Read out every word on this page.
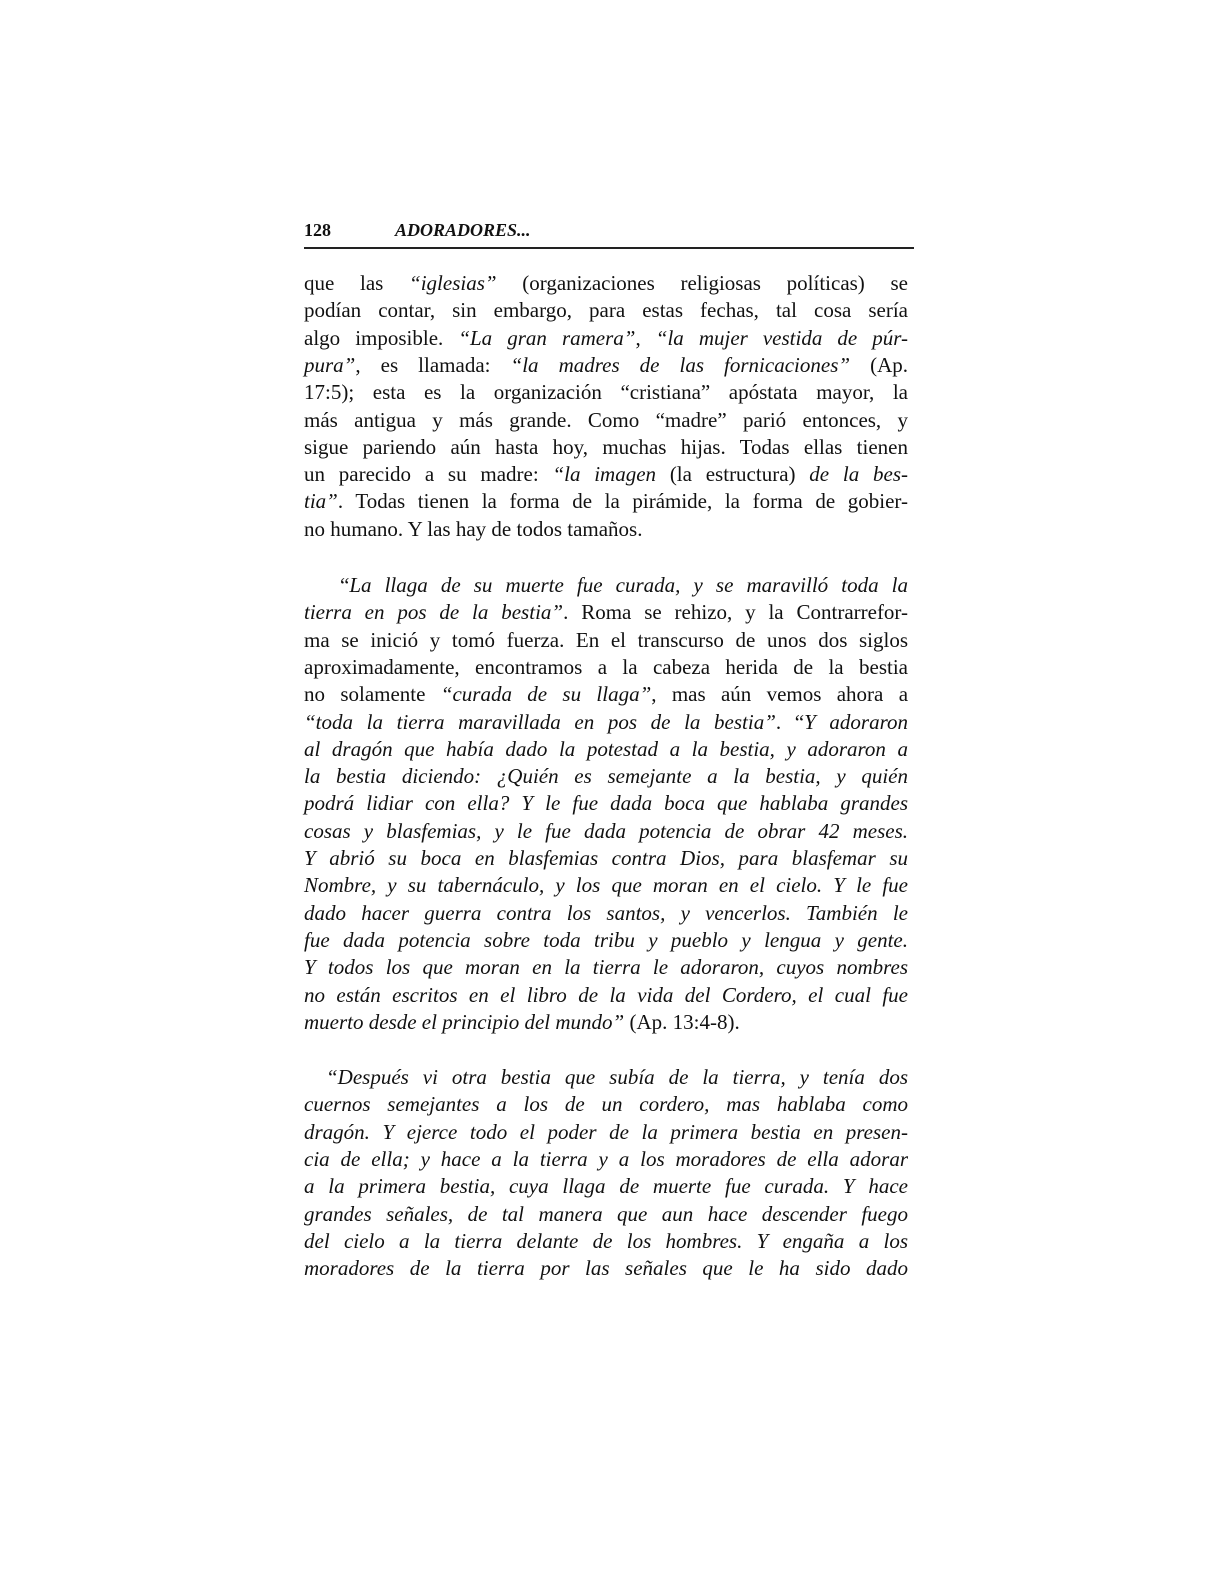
128	ADORADORES...
que las “iglesias” (organizaciones religiosas políticas) se
podían contar, sin embargo, para estas fechas, tal cosa sería
algo imposible. “La gran ramera”, “la mujer vestida de púr-
pura”, es llamada: “la madres de las fornicaciones” (Ap.
17:5); esta es la organización “cristiana” apóstata mayor, la
más antigua y más grande. Como “madre” parió entonces, y
sigue pariendo aún hasta hoy, muchas hijas. Todas ellas tienen
un parecido a su madre: “la imagen (la estructura) de la bes-
tia”. Todas tienen la forma de la pirámide, la forma de gobier-
no humano. Y las hay de todos tamaños.
“La llaga de su muerte fue curada, y se maravilló toda la
tierra en pos de la bestia”. Roma se rehizo, y la Contrarrefor-
ma se inició y tomó fuerza. En el transcurso de unos dos siglos
aproximadamente, encontramos a la cabeza herida de la bestia
no solamente “curada de su llaga”, mas aún vemos ahora a
“toda la tierra maravillada en pos de la bestia”. “Y adoraron
al dragón que había dado la potestad a la bestia, y adoraron a
la bestia diciendo: ¿Quién es semejante a la bestia, y quién
podrá lidiar con ella? Y le fue dada boca que hablaba grandes
cosas y blasfemias, y le fue dada potencia de obrar 42 meses.
Y abrió su boca en blasfemias contra Dios, para blasfemar su
Nombre, y su tabernáculo, y los que moran en el cielo. Y le fue
dado hacer guerra contra los santos, y vencerlos. También le
fue dada potencia sobre toda tribu y pueblo y lengua y gente.
Y todos los que moran en la tierra le adoraron, cuyos nombres
no están escritos en el libro de la vida del Cordero, el cual fue
muerto desde el principio del mundo” (Ap. 13:4-8).
“Después vi otra bestia que subía de la tierra, y tenía dos
cuernos semejantes a los de un cordero, mas hablaba como
dragón. Y ejerce todo el poder de la primera bestia en presen-
cia de ella; y hace a la tierra y a los moradores de ella adorar
a la primera bestia, cuya llaga de muerte fue curada. Y hace
grandes señales, de tal manera que aun hace descender fuego
del cielo a la tierra delante de los hombres. Y engaña a los
moradores de la tierra por las señales que le ha sido dado
